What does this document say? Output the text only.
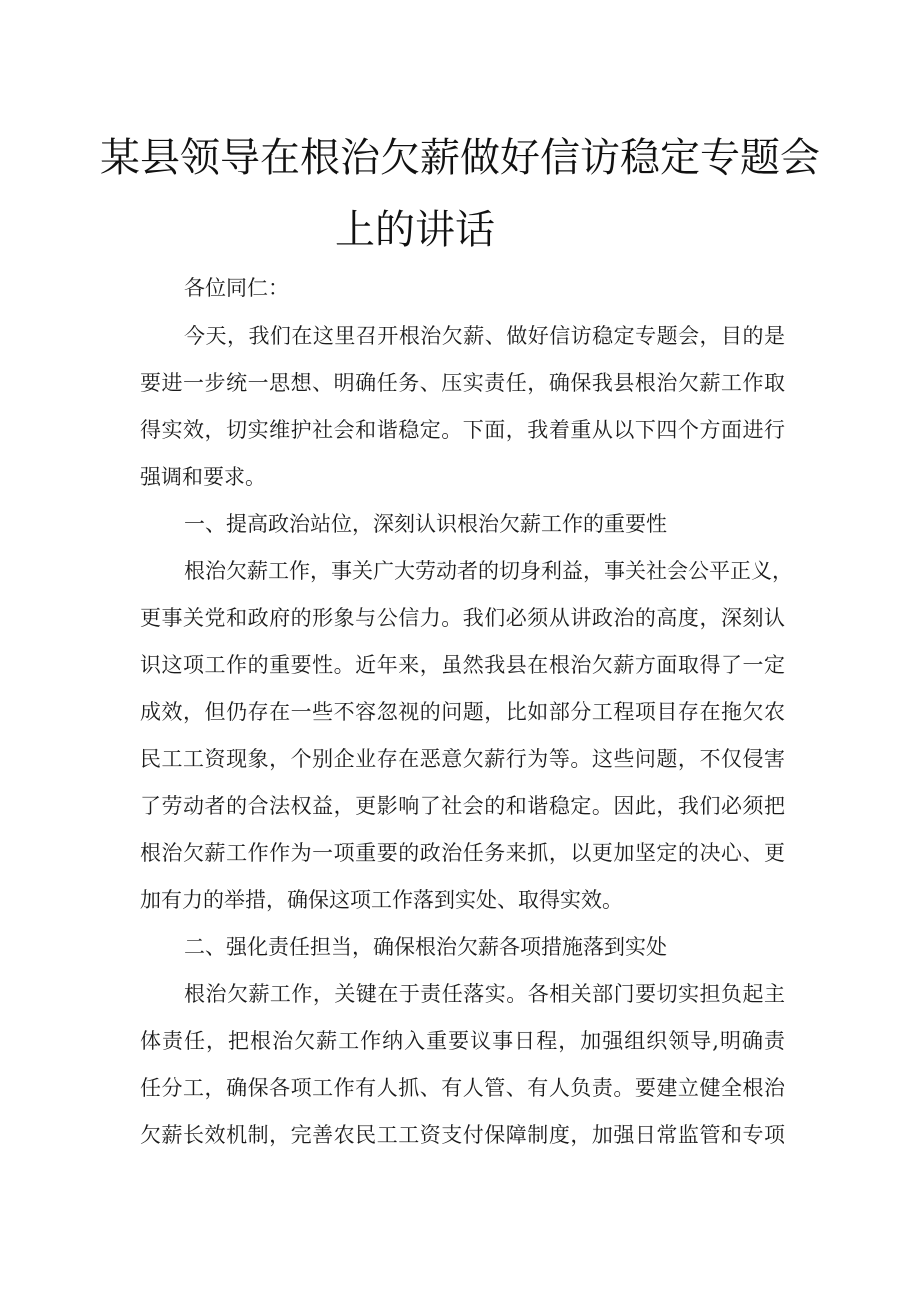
某县领导在根治欠薪做好信访稳定专题会
上的讲话
各位同仁：
今天，我们在这里召开根治欠薪、做好信访稳定专题会，目的是
要进一步统一思想、明确任务、压实责任，确保我县根治欠薪工作取
得实效，切实维护社会和谐稳定。下面，我着重从以下四个方面进行
强调和要求。
一、提高政治站位，深刻认识根治欠薪工作的重要性
根治欠薪工作，事关广大劳动者的切身利益，事关社会公平正义，
更事关党和政府的形象与公信力。我们必须从讲政治的高度，深刻认
识这项工作的重要性。近年来，虽然我县在根治欠薪方面取得了一定
成效，但仍存在一些不容忽视的问题，比如部分工程项目存在拖欠农
民工工资现象，个别企业存在恶意欠薪行为等。这些问题，不仅侵害
了劳动者的合法权益，更影响了社会的和谐稳定。因此，我们必须把
根治欠薪工作作为一项重要的政治任务来抓，以更加坚定的决心、更
加有力的举措，确保这项工作落到实处、取得实效。
二、强化责任担当，确保根治欠薪各项措施落到实处
根治欠薪工作，关键在于责任落实。各相关部门要切实担负起主
体责任，把根治欠薪工作纳入重要议事日程，加强组织领导,明确责
任分工，确保各项工作有人抓、有人管、有人负责。要建立健全根治
欠薪长效机制，完善农民工工资支付保障制度，加强日常监管和专项
